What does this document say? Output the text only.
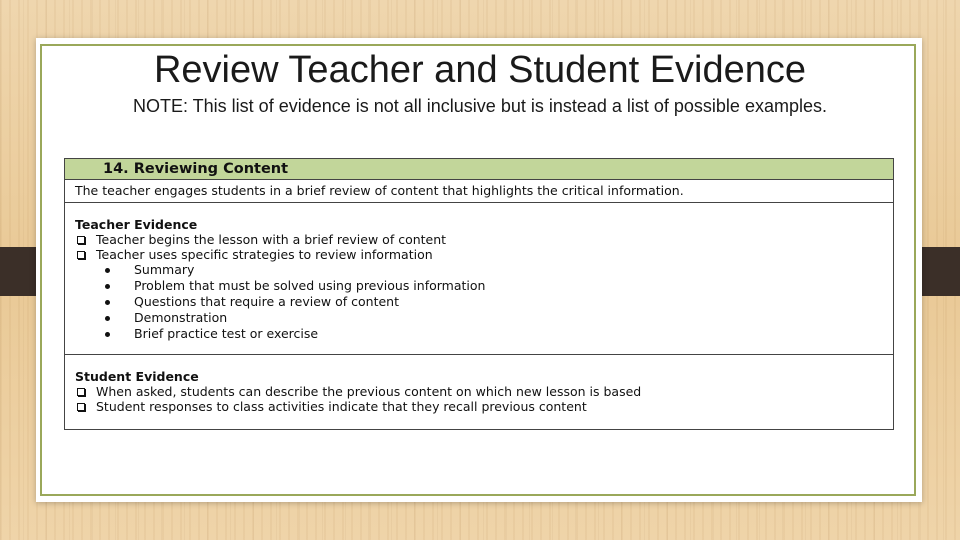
Review Teacher and Student Evidence
NOTE: This list of evidence is not all inclusive but is instead a list of possible examples.
14. Reviewing Content
The teacher engages students in a brief review of content that highlights the critical information.
Teacher Evidence
Teacher begins the lesson with a brief review of content
Teacher uses specific strategies to review information
Summary
Problem that must be solved using previous information
Questions that require a review of content
Demonstration
Brief practice test or exercise
Student Evidence
When asked, students can describe the previous content on which new lesson is based
Student responses to class activities indicate that they recall previous content
